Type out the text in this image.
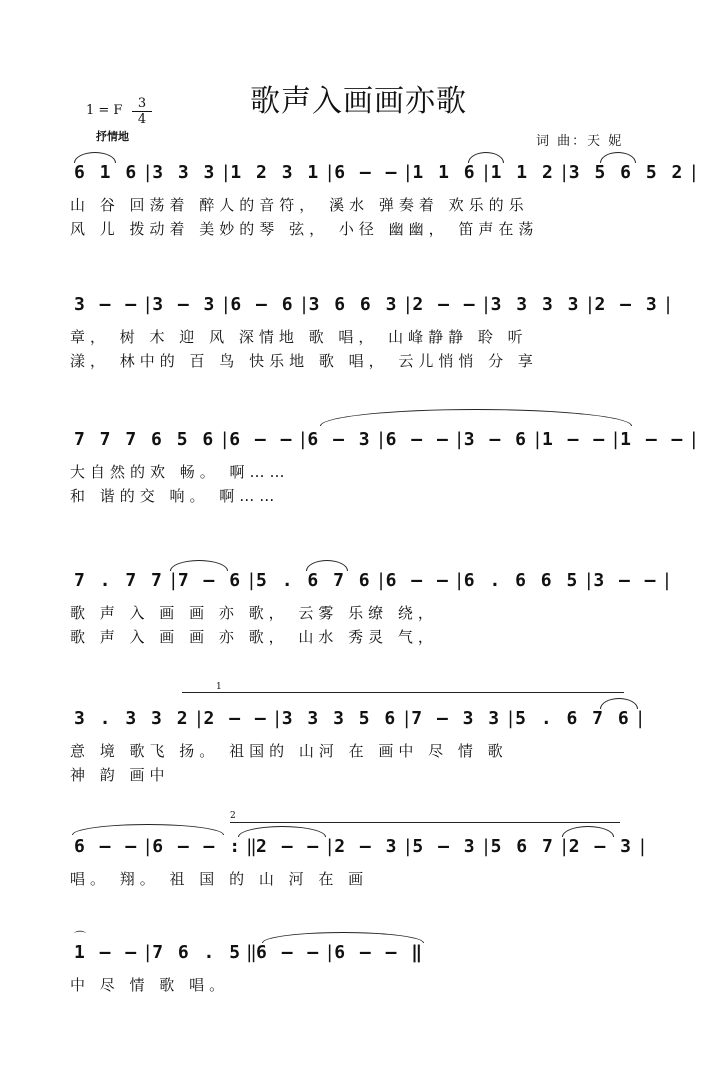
歌声入画画亦歌
1 = F	3
4
抒情地	词 曲：天 妮
6 1 6 |3 3 3 |1 2 3 1 |6 — — |1 1 6 |1 1 2 |3 5 6 5 2 |
山 谷 回荡着 醉人的音符， 溪水 弹奏着 欢乐的乐
风 儿 拨动着 美妙的琴 弦， 小径 幽幽， 笛声在荡
3 — — |3 — 3 |6 — 6 |3 6 6 3 |2 — — |3 3 3 3 |2 — 3 |
章， 树 木 迎 风 深情地 歌 唱， 山峰静静 聆 听
漾， 林中的 百 鸟 快乐地 歌 唱， 云儿悄悄 分 享
7 7 7 6 5 6 |6 — — |6 — 3 |6 — — |3 — 6 |1 — — |1 — — |
大自然的欢 畅。 啊……
和 谐的交 响。 啊……
7 . 7 7 |7 — 6 |5 . 6 7 6 |6 — — |6 . 6 6 5 |3 — — |
歌 声 入 画 画 亦 歌， 云雾 乐缭 绕，
歌 声 入 画 画 亦 歌， 山水 秀灵 气，
1
3 . 3 3 2 |2 — — |3 3 3 5 6 |7 — 3 3 |5 . 6 7 6 |
意 境 歌飞 扬。 祖国的 山河 在 画中 尽 情 歌
神 韵 画中
2
6 — — |6 — — : ‖2 — — |2 — 3 |5 — 3 |5 6 7 |2 — 3 |
唱。 翔。 祖 国 的 山 河 在 画
⌒
1 — — |7 6 . 5 ‖6 — — |6 — — ‖
中 尽 情 歌 唱。
